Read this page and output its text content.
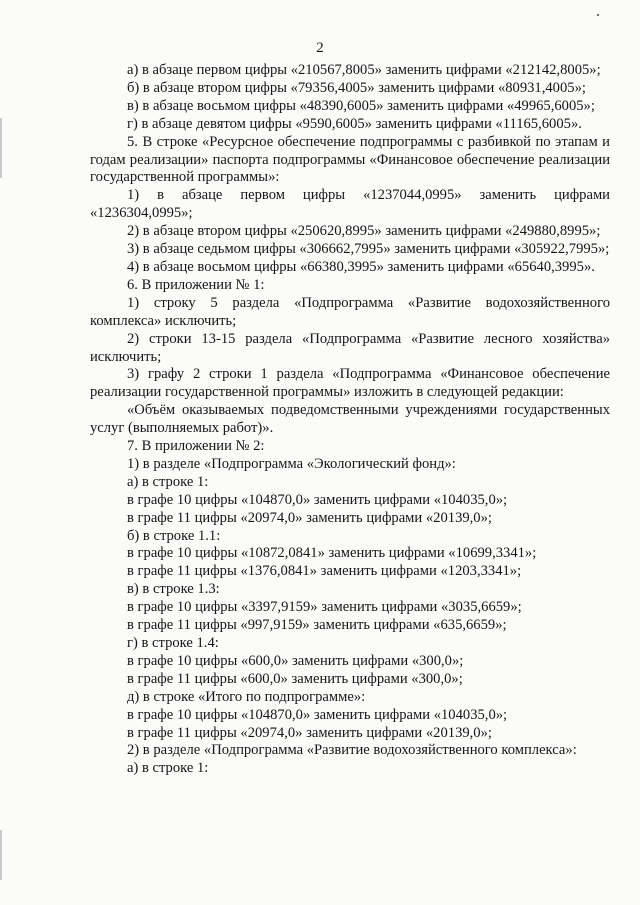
2

а) в абзаце первом цифры «210567,8005» заменить цифрами «212142,8005»;

б) в абзаце втором цифры «79356,4005» заменить цифрами «80931,4005»;

в) в абзаце восьмом цифры «48390,6005» заменить цифрами «49965,6005»;

г) в абзаце девятом цифры «9590,6005» заменить цифрами «11165,6005».

5. В строке «Ресурсное обеспечение подпрограммы с разбивкой по этапам и годам реализации» паспорта подпрограммы «Финансовое обеспечение реализации государственной программы»:

1) в абзаце первом цифры «1237044,0995» заменить цифрами «1236304,0995»;

2) в абзаце втором цифры «250620,8995» заменить цифрами «249880,8995»;

3) в абзаце седьмом цифры «306662,7995» заменить цифрами «305922,7995»;

4) в абзаце восьмом цифры «66380,3995» заменить цифрами «65640,3995».

6. В приложении № 1:

1) строку 5 раздела «Подпрограмма «Развитие водохозяйственного комплекса» исключить;

2) строки 13-15 раздела «Подпрограмма «Развитие лесного хозяйства» исключить;

3) графу 2 строки 1 раздела «Подпрограмма «Финансовое обеспечение реализации государственной программы» изложить в следующей редакции:

«Объём оказываемых подведомственными учреждениями государственных услуг (выполняемых работ)».

7. В приложении № 2:

1) в разделе «Подпрограмма «Экологический фонд»:

а) в строке 1:

в графе 10 цифры «104870,0» заменить цифрами «104035,0»;

в графе 11 цифры «20974,0» заменить цифрами «20139,0»;

б) в строке 1.1:

в графе 10 цифры «10872,0841» заменить цифрами «10699,3341»;

в графе 11 цифры «1376,0841» заменить цифрами «1203,3341»;

в) в строке 1.3:

в графе 10 цифры «3397,9159» заменить цифрами «3035,6659»;

в графе 11 цифры «997,9159» заменить цифрами «635,6659»;

г) в строке 1.4:

в графе 10 цифры «600,0» заменить цифрами «300,0»;

в графе 11 цифры «600,0» заменить цифрами «300,0»;

д) в строке «Итого по подпрограмме»:

в графе 10 цифры «104870,0» заменить цифрами «104035,0»;

в графе 11 цифры «20974,0» заменить цифрами «20139,0»;

2) в разделе «Подпрограмма «Развитие водохозяйственного комплекса»:

а) в строке 1:
